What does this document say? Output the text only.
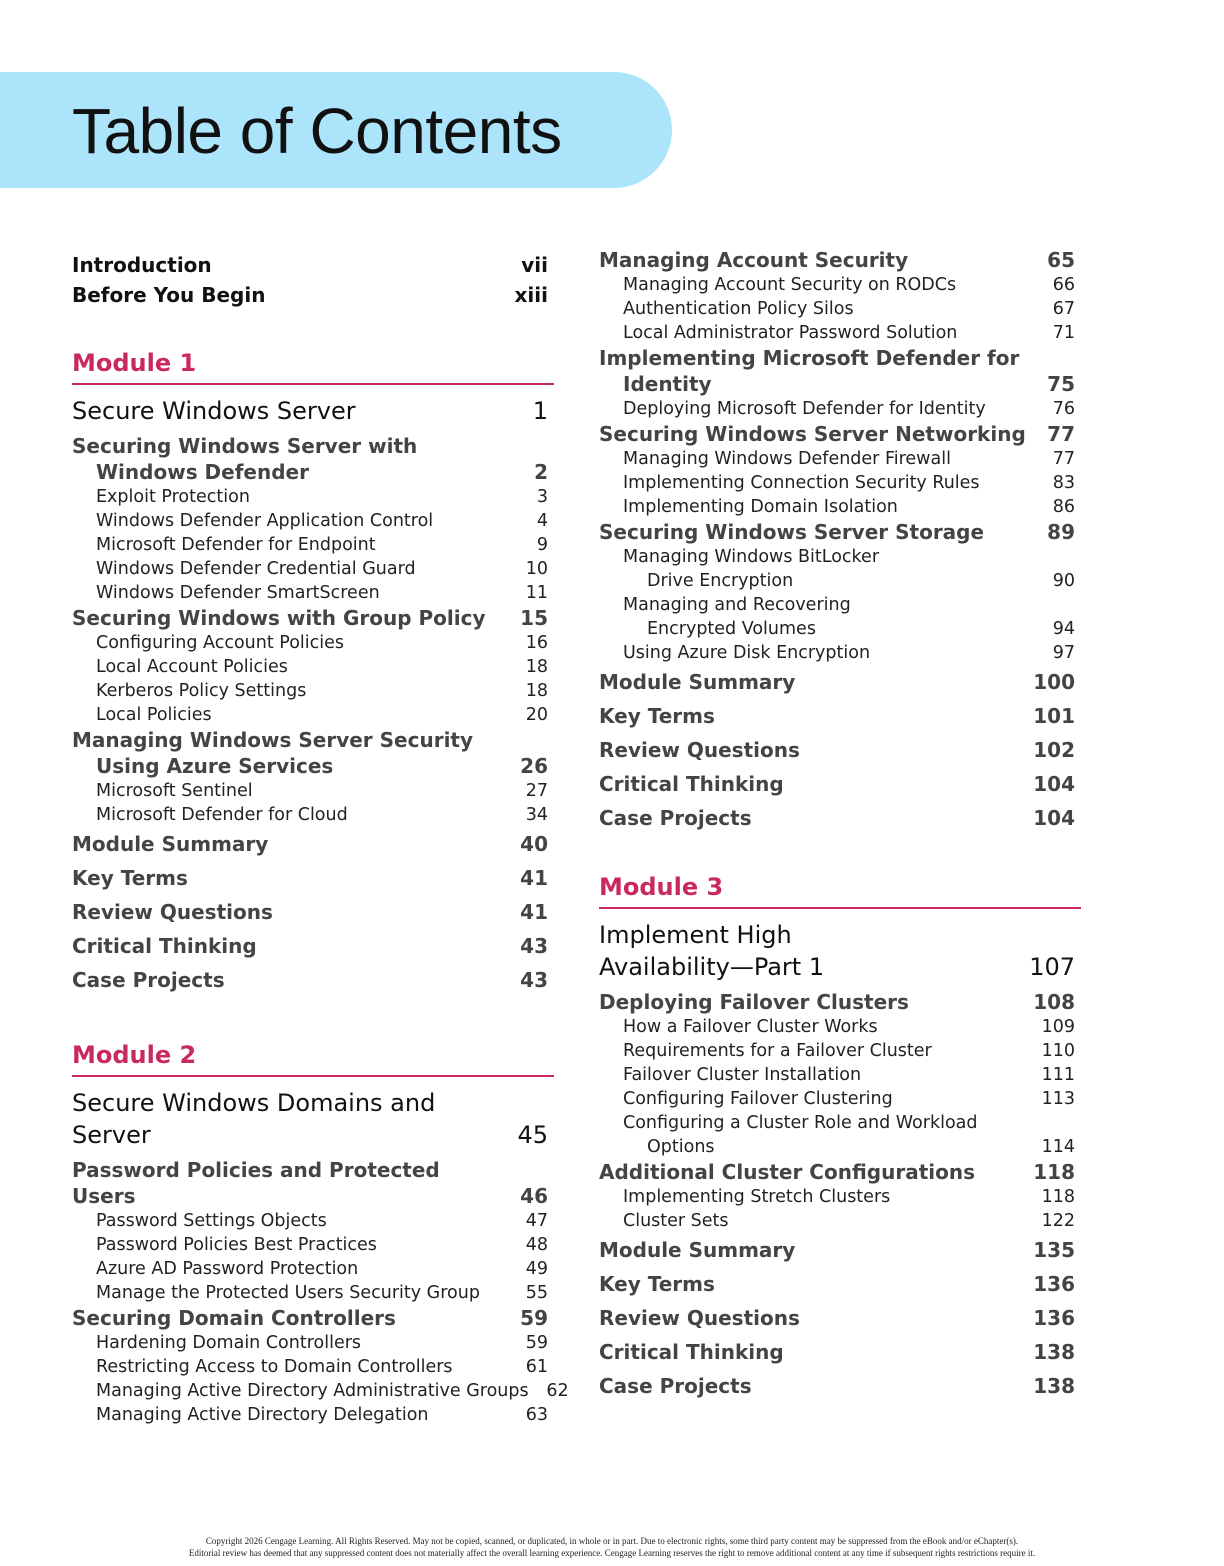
Table of Contents
Introduction	vii
Before You Begin	xiii
Module 1
Secure Windows Server	1
Securing Windows Server with
Windows Defender	2
Exploit Protection	3
Windows Defender Application Control	4
Microsoft Defender for Endpoint	9
Windows Defender Credential Guard	10
Windows Defender SmartScreen	11
Securing Windows with Group Policy	15
Configuring Account Policies	16
Local Account Policies	18
Kerberos Policy Settings	18
Local Policies	20
Managing Windows Server Security
Using Azure Services	26
Microsoft Sentinel	27
Microsoft Defender for Cloud	34
Module Summary	40
Key Terms	41
Review Questions	41
Critical Thinking	43
Case Projects	43
Module 2
Secure Windows Domains and
Server	45
Password Policies and Protected Users	46
Password Settings Objects	47
Password Policies Best Practices	48
Azure AD Password Protection	49
Manage the Protected Users Security Group	55
Securing Domain Controllers	59
Hardening Domain Controllers	59
Restricting Access to Domain Controllers	61
Managing Active Directory Administrative Groups	62
Managing Active Directory Delegation	63
Managing Account Security	65
Managing Account Security on RODCs	66
Authentication Policy Silos	67
Local Administrator Password Solution	71
Implementing Microsoft Defender for
Identity	75
Deploying Microsoft Defender for Identity	76
Securing Windows Server Networking	77
Managing Windows Defender Firewall	77
Implementing Connection Security Rules	83
Implementing Domain Isolation	86
Securing Windows Server Storage	89
Managing Windows BitLocker
Drive Encryption	90
Managing and Recovering
Encrypted Volumes	94
Using Azure Disk Encryption	97
Module Summary	100
Key Terms	101
Review Questions	102
Critical Thinking	104
Case Projects	104
Module 3
Implement High
Availability—Part 1	107
Deploying Failover Clusters	108
How a Failover Cluster Works	109
Requirements for a Failover Cluster	110
Failover Cluster Installation	111
Configuring Failover Clustering	113
Configuring a Cluster Role and Workload
Options	114
Additional Cluster Configurations	118
Implementing Stretch Clusters	118
Cluster Sets	122
Module Summary	135
Key Terms	136
Review Questions	136
Critical Thinking	138
Case Projects	138
Copyright 2026 Cengage Learning. All Rights Reserved. May not be copied, scanned, or duplicated, in whole or in part. Due to electronic rights, some third party content may be suppressed from the eBook and/or eChapter(s).
Editorial review has deemed that any suppressed content does not materially affect the overall learning experience. Cengage Learning reserves the right to remove additional content at any time if subsequent rights restrictions require it.
